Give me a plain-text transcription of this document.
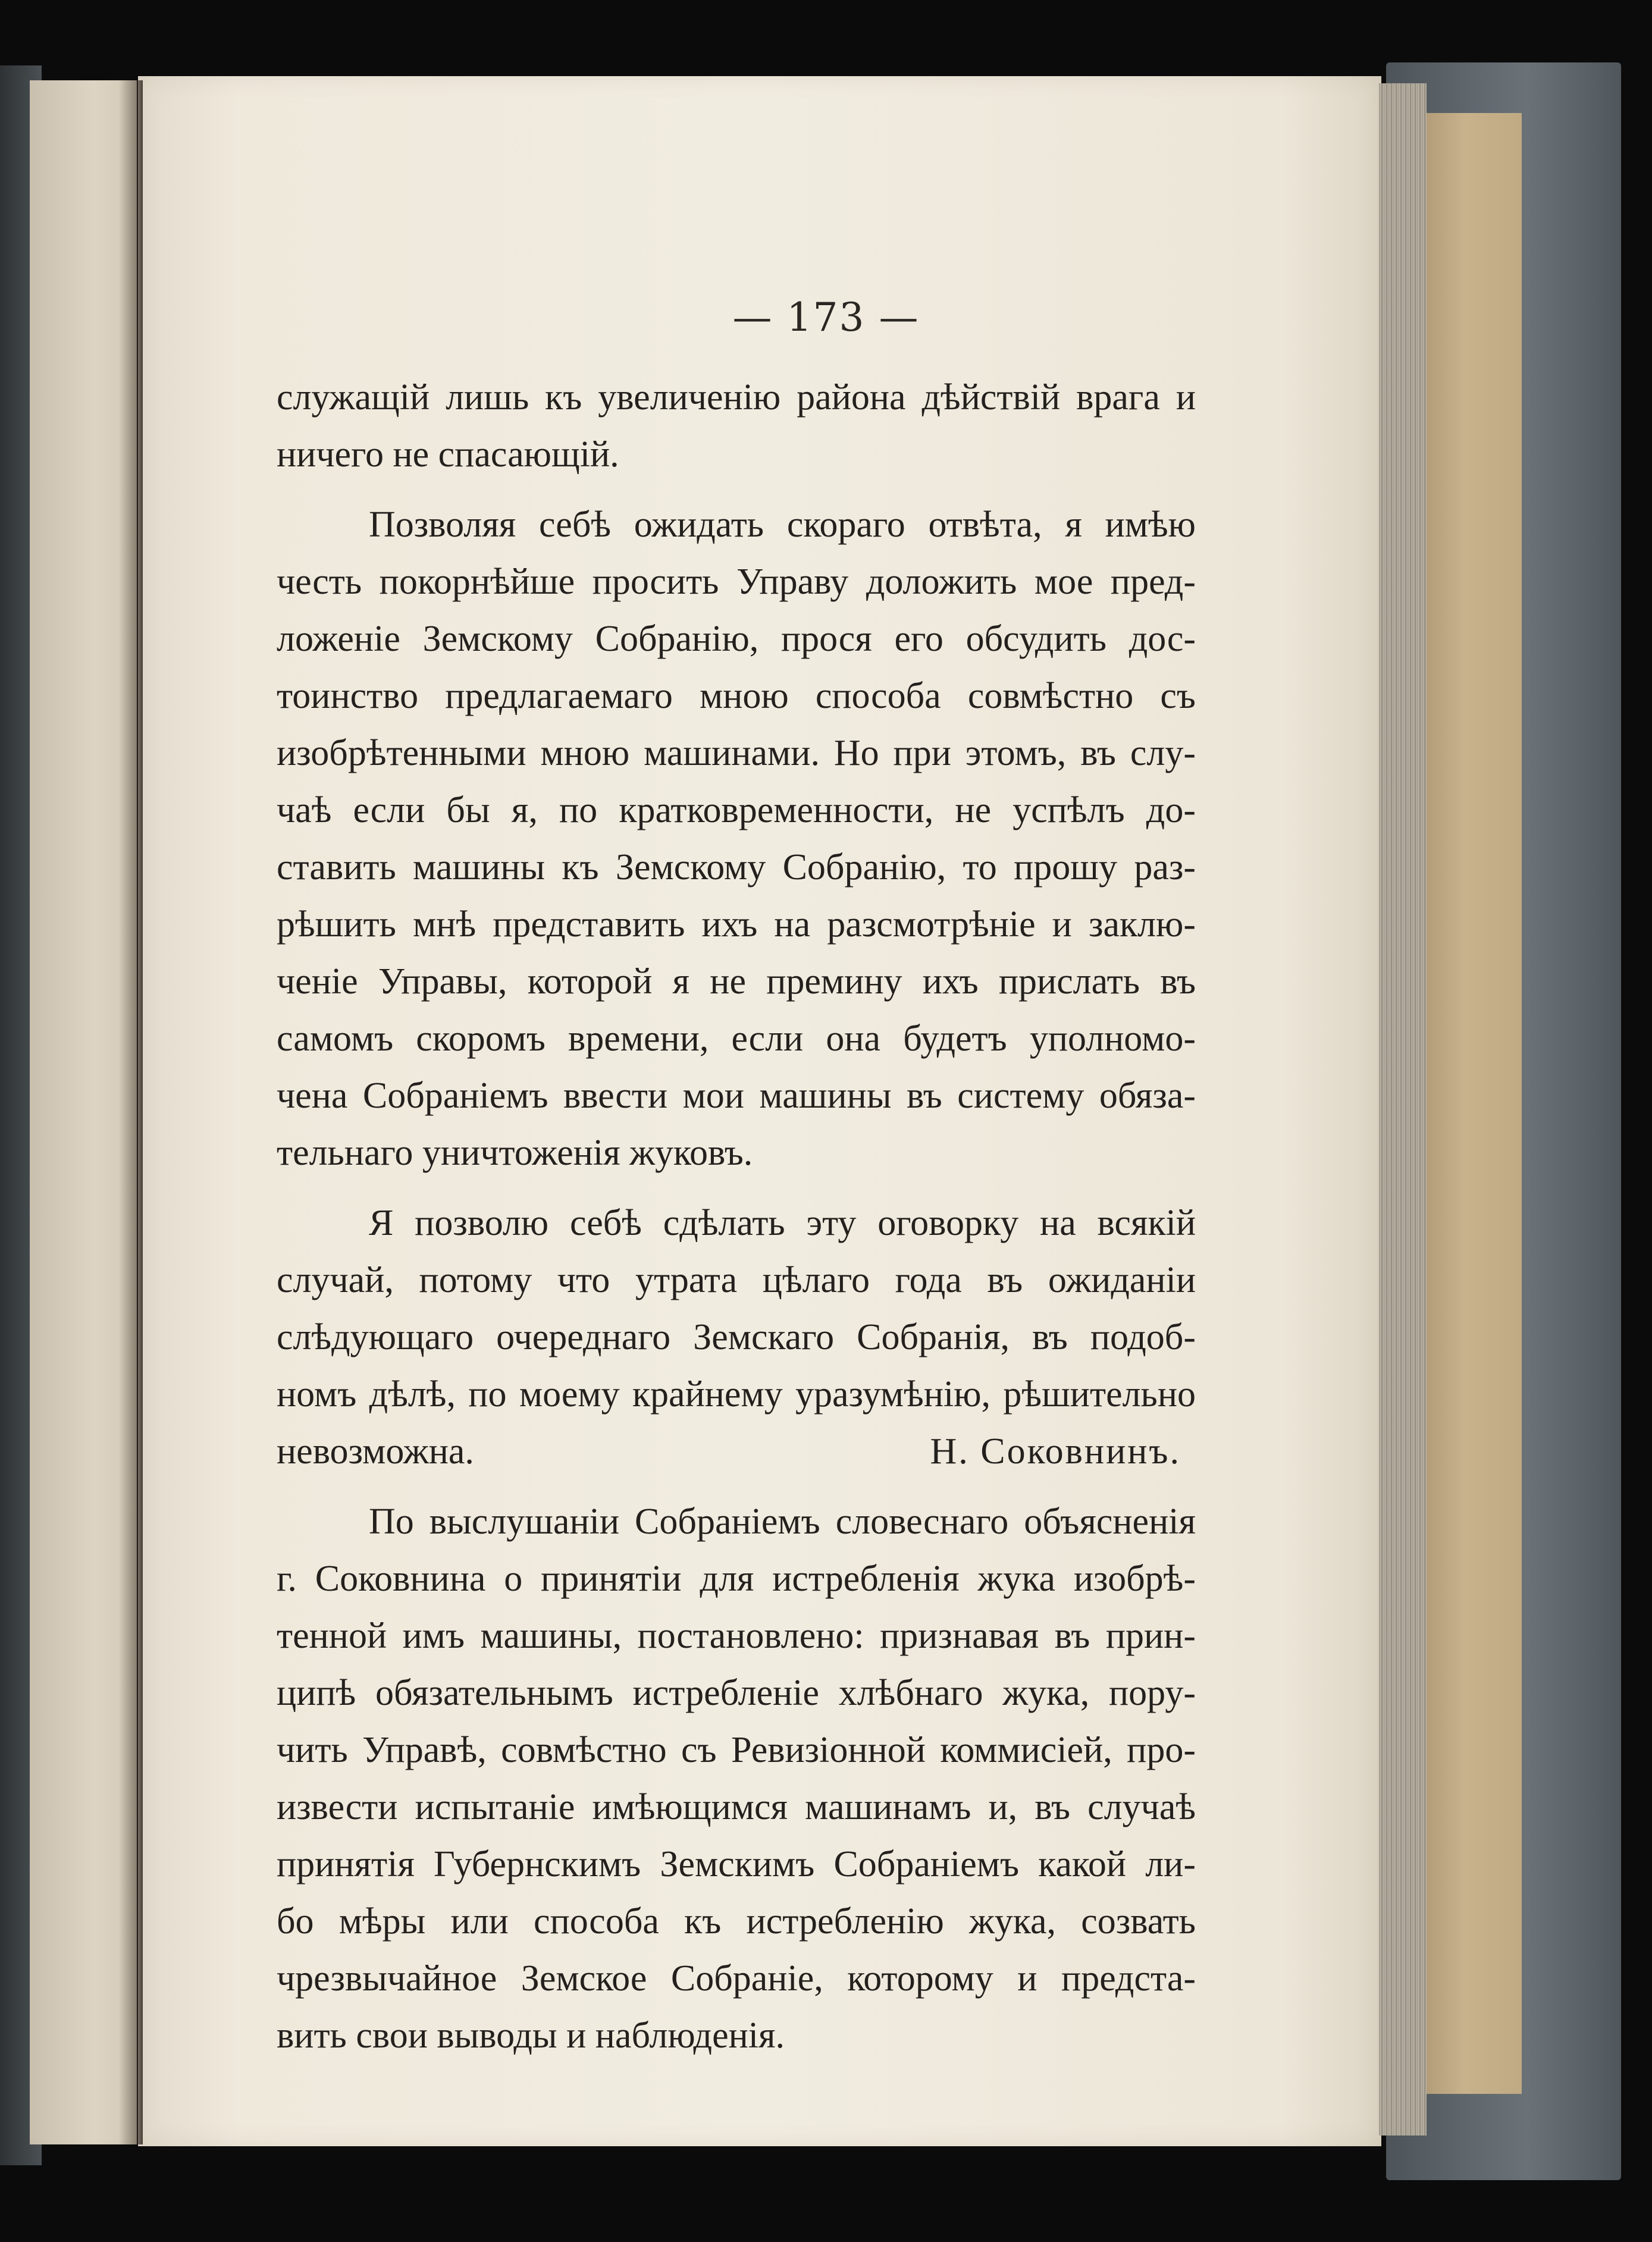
— 173 —
служащій лишь къ увеличенію района дѣйствій врага и
ничего не спасающій.
Позволяя себѣ ожидать скораго отвѣта, я имѣю
честь покорнѣйше просить Управу доложить мое пред-
ложеніе Земскому Собранію, прося его обсудить дос-
тоинство предлагаемаго мною способа совмѣстно съ
изобрѣтенными мною машинами. Но при этомъ, въ слу-
чаѣ если бы я, по кратковременности, не успѣлъ до-
ставить машины къ Земскому Собранію, то прошу раз-
рѣшить мнѣ представить ихъ на разсмотрѣніе и заклю-
ченіе Управы, которой я не премину ихъ прислать въ
самомъ скоромъ времени, если она будетъ уполномо-
чена Собраніемъ ввести мои машины въ систему обяза-
тельнаго уничтоженія жуковъ.
Я позволю себѣ сдѣлать эту оговорку на всякій
случай, потому что утрата цѣлаго года въ ожиданіи
слѣдующаго очереднаго Земскаго Собранія, въ подоб-
номъ дѣлѣ, по моему крайнему уразумѣнію, рѣшительно
невозможна.	Н. Соковнинъ.
По выслушаніи Собраніемъ словеснаго объясненія
г. Соковнина о принятіи для истребленія жука изобрѣ-
тенной имъ машины, постановлено: признавая въ прин-
ципѣ обязательнымъ истребленіе хлѣбнаго жука, пору-
чить Управѣ, совмѣстно съ Ревизіонной коммисіей, про-
извести испытаніе имѣющимся машинамъ и, въ случаѣ
принятія Губернскимъ Земскимъ Собраніемъ какой ли-
бо мѣры или способа къ истребленію жука, созвать
чрезвычайное Земское Собраніе, которому и предста-
вить свои выводы и наблюденія.
